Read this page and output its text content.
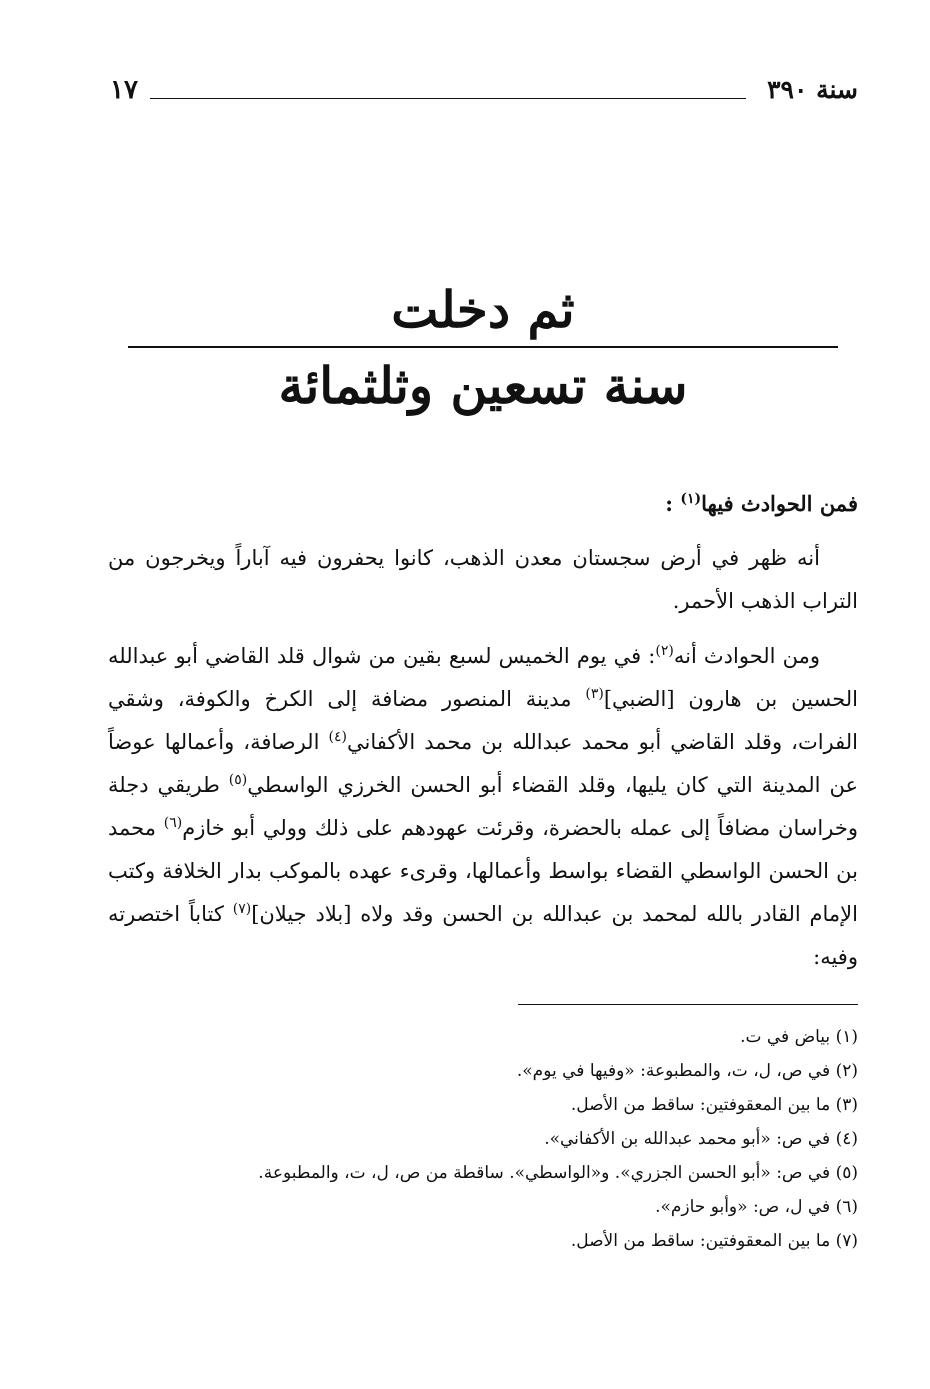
سنة ٣٩٠
١٧
ثم دخلت
سنة تسعين وثلثمائة

فمن الحوادث فيها$^{(١)}$ :

أنه ظهر في أرض سجستان معدن الذهب، كانوا يحفرون فيه آباراً ويخرجون من التراب الذهب الأحمر.

ومن الحوادث أنه$^{(٢)}$: في يوم الخميس لسبع بقين من شوال قلد القاضي أبو عبدالله الحسين بن هارون [الضبي]$^{(٣)}$ مدينة المنصور مضافة إلى الكرخ والكوفة، وشقي الفرات، وقلد القاضي أبو محمد عبدالله بن محمد الأكفاني$^{(٤)}$ الرصافة، وأعمالها عوضاً عن المدينة التي كان يليها، وقلد القضاء أبو الحسن الخرزي الواسطي$^{(٥)}$ طريقي دجلة وخراسان مضافاً إلى عمله بالحضرة، وقرئت عهودهم على ذلك وولي أبو خازم$^{(٦)}$ محمد بن الحسن الواسطي القضاء بواسط وأعمالها، وقرىء عهده بالموكب بدار الخلافة وكتب الإمام القادر بالله لمحمد بن عبدالله بن الحسن وقد ولاه [بلاد جيلان]$^{(٧)}$ كتاباً اختصرته وفيه:

(١) بياض في ت.
(٢) في ص، ل، ت، والمطبوعة: «وفيها في يوم».
(٣) ما بين المعقوفتين: ساقط من الأصل.
(٤) في ص: «أبو محمد عبدالله بن الأكفاني».
(٥) في ص: «أبو الحسن الجزري». و«الواسطي». ساقطة من ص، ل، ت، والمطبوعة.
(٦) في ل، ص: «وأبو حازم».
(٧) ما بين المعقوفتين: ساقط من الأصل.
